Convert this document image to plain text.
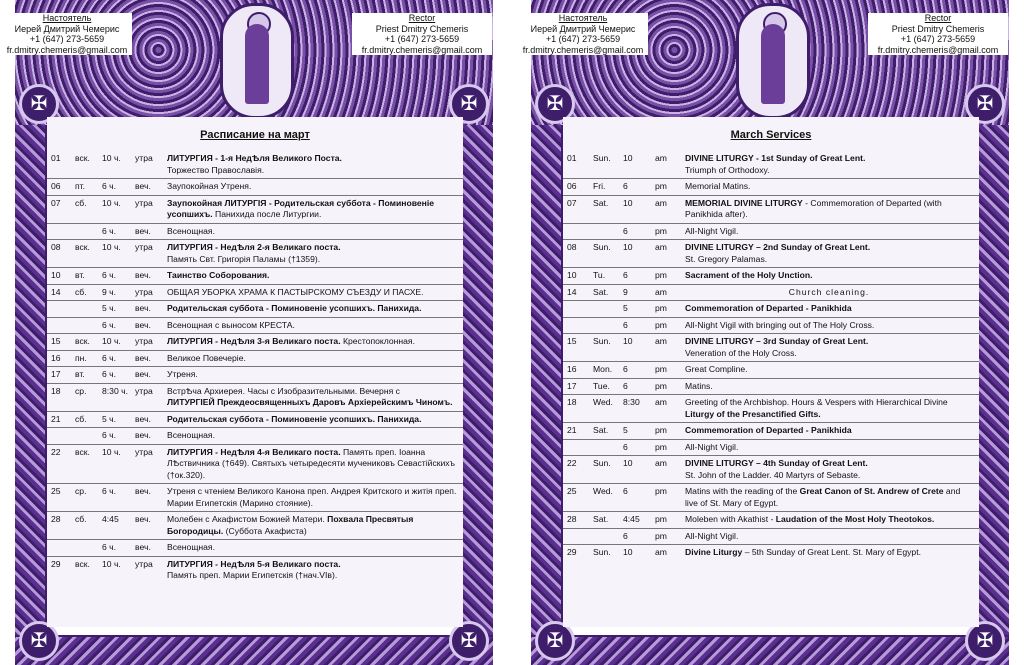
✠	✠
✠	✠
Настоятель
Иерей Дмитрий Чемерис
+1 (647) 273-5659
fr.dmitry.chemeris@gmail.com
Rector
Priest Dmitry Chemeris
+1 (647) 273-5659
fr.dmitry.chemeris@gmail.com
Расписание на март
01 вск. 10 ч. утра ЛИТУРГИЯ - 1-я НедѢля Великого Поста.
Торжество Православія.
06 пт. 6 ч. веч. Заупокойная Утреня.
07 сб. 10 ч. утра Заупокойная ЛИТУРГІЯ - Родительская суббота - Поминовеніе усопшихъ. Панихида после Литургии.
6 ч. веч. Всенощная.
08 вск. 10 ч. утра ЛИТУРГИЯ - НедѢля 2-я Великаго поста.
Память Свт. Григорія Паламы (†1359).
10 вт. 6 ч. веч. Таинство Соборования.
14 сб. 9 ч. утра ОБЩАЯ УБОРКА ХРАМА К ПАСТЫРСКОМУ СЪЕЗДУ И ПАСХЕ.
5 ч. веч. Родительская суббота - Поминовеніе усопшихъ. Панихида.
6 ч. веч. Всенощная с выносом КРЕСТА.
15 вск. 10 ч. утра ЛИТУРГИЯ - НедѢля 3-я Великаго поста. Крестопоклонная.
16 пн. 6 ч. веч. Великое Повечеріе.
17 вт. 6 ч. веч. Утреня.
18 ср. 8:30 ч. утра ВстрѢча Архиерея. Часы с Изобразительными. Вечерня с
ЛИТУРГІЕЙ Преждеосвященныхъ Даровъ Архіерейскимъ Чиномъ.
21 сб. 5 ч. веч. Родительская суббота - Поминовеніе усопшихъ. Панихида.
6 ч. веч. Всенощная.
22 вск. 10 ч. утра ЛИТУРГИЯ - НедѢля 4-я Великаго поста. Память преп. Іоанна ЛѢствичника (†649). Святыхъ четыредесяти мучениковъ Севастійскихъ (†ок.320).
25 ср. 6 ч. веч. Утреня с чтеніем Великого Канона преп. Андрея Критского и житія преп. Марии Египетскія (Марино стояние).
28 сб. 4:45 веч. Молебен с Акафистом Божией Матери. Похвала Пресвятыя Богородицы. (Суббота Акафиста)
6 ч. веч. Всенощная.
29 вск. 10 ч. утра ЛИТУРГИЯ - НедѢля 5-я Великаго поста.
Память преп. Марии Египетскія (†нач.VIв).
✠	✠
✠	✠
Настоятель
Иерей Дмитрий Чемерис
+1 (647) 273-5659
fr.dmitry.chemeris@gmail.com
Rector
Priest Dmitry Chemeris
+1 (647) 273-5659
fr.dmitry.chemeris@gmail.com
March Services
01 Sun. 10	am DIVINE LITURGY - 1st Sunday of Great Lent.
Triumph of Orthodoxy.
06 Fri. 6	pm Memorial Matins.
07 Sat. 10	am MEMORIAL DIVINE LITURGY - Commemoration of Departed (with Panikhida after).
6	pm All-Night Vigil.
08 Sun. 10	am DIVINE LITURGY – 2nd Sunday of Great Lent.
St. Gregory Palamas.
10 Tu. 6	pm Sacrament of the Holy Unction.
14 Sat. 9	am	Church cleaning.
5	pm Commemoration of Departed - Panikhida
6	pm All-Night Vigil with bringing out of The Holy Cross.
15 Sun. 10	am DIVINE LITURGY – 3rd Sunday of Great Lent.
Veneration of the Holy Cross.
16 Mon. 6	pm Great Compline.
17 Tue. 6	pm Matins.
18 Wed. 8:30 am Greeting of the Archbishop. Hours & Vespers with Hierarchical Divine
Liturgy of the Presanctified Gifts.
21 Sat. 5	pm Commemoration of Departed - Panikhida
6	pm All-Night Vigil.
22 Sun. 10	am DIVINE LITURGY – 4th Sunday of Great Lent.
St. John of the Ladder. 40 Martyrs of Sebaste.
25 Wed. 6	pm Matins with the reading of the Great Canon of St. Andrew of Crete and live of St. Mary of Egypt.
28 Sat. 4:45 pm Moleben with Akathist - Laudation of the Most Holy Theotokos.
6	pm All-Night Vigil.
29 Sun. 10	am Divine Liturgy – 5th Sunday of Great Lent. St. Mary of Egypt.
